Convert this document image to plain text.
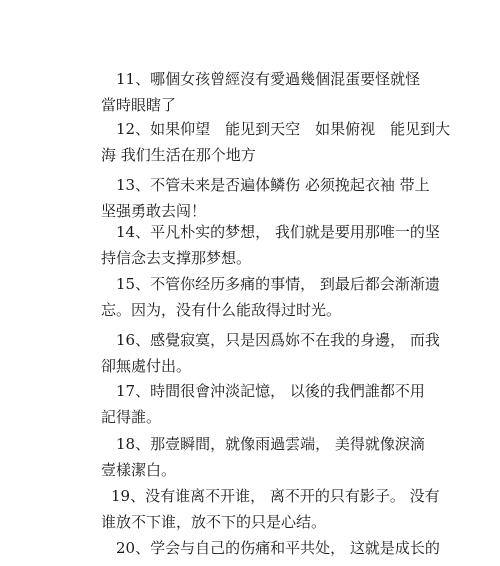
11、哪個女孩曾經沒有愛過幾個混蛋要怪就怪
當時眼瞎了
12、如果仰望　能见到天空　如果俯视　能见到大
海 我们生活在那个地方
13、不管未来是否遍体鳞伤 必须挽起衣袖 带上
坚强勇敢去闯！
14、平凡朴实的梦想， 我们就是要用那唯一的坚
持信念去支撑那梦想。
15、不管你经历多痛的事情， 到最后都会渐渐遗
忘。因为，没有什么能敌得过时光。
16、感覺寂寞，只是因爲妳不在我的身邊， 而我
卻無處付出。
17、時間很會沖淡記憶， 以後的我們誰都不用
記得誰。
18、那壹瞬間，就像雨過雲端， 美得就像淚滴
壹樣潔白。
19、没有谁离不开谁， 离不开的只有影子。 没有
谁放不下谁，放不下的只是心结。
20、学会与自己的伤痛和平共处， 这就是成长的
